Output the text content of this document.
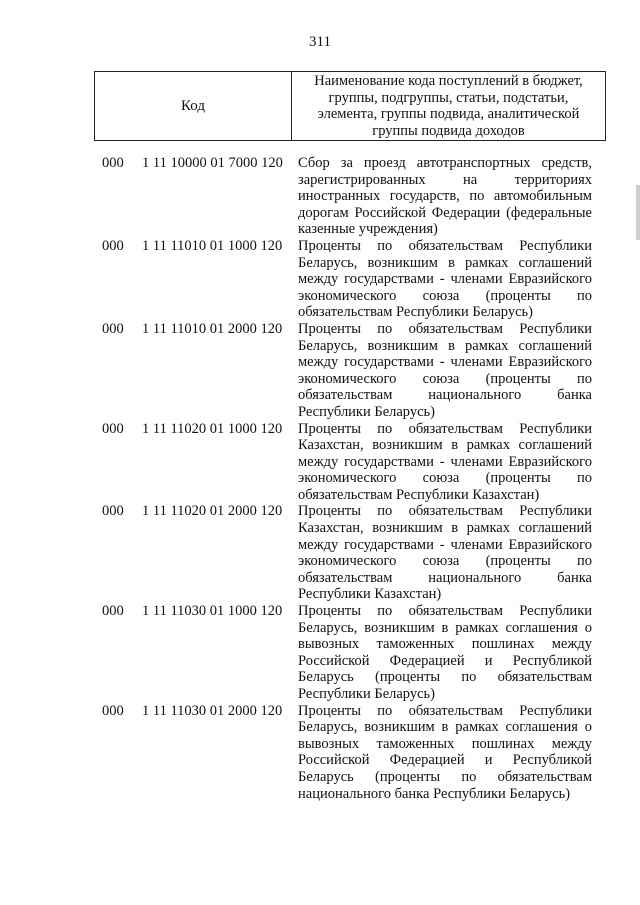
311
Код
Наименование кода поступлений в бюджет, группы, подгруппы, статьи, подстатьи, элемента, группы подвида, аналитической группы подвида доходов
000	1 11 10000 01 7000 120	Сбор за проезд автотранспортных средств, зарегистрированных на территориях иностранных государств, по автомобильным дорогам Российской Федерации (федеральные казенные учреждения)
000	1 11 11010 01 1000 120	Проценты по обязательствам Республики Беларусь, возникшим в рамках соглашений между государствами - членами Евразийского экономического союза (проценты по обязательствам Республики Беларусь)
000	1 11 11010 01 2000 120	Проценты по обязательствам Республики Беларусь, возникшим в рамках соглашений между государствами - членами Евразийского экономического союза (проценты по обязательствам национального банка Республики Беларусь)
000	1 11 11020 01 1000 120	Проценты по обязательствам Республики Казахстан, возникшим в рамках соглашений между государствами - членами Евразийского экономического союза (проценты по обязательствам Республики Казахстан)
000	1 11 11020 01 2000 120	Проценты по обязательствам Республики Казахстан, возникшим в рамках соглашений между государствами - членами Евразийского экономического союза (проценты по обязательствам национального банка Республики Казахстан)
000	1 11 11030 01 1000 120	Проценты по обязательствам Республики Беларусь, возникшим в рамках соглашения о вывозных таможенных пошлинах между Российской Федерацией и Республикой Беларусь (проценты по обязательствам Республики Беларусь)
000	1 11 11030 01 2000 120	Проценты по обязательствам Республики Беларусь, возникшим в рамках соглашения о вывозных таможенных пошлинах между Российской Федерацией и Республикой Беларусь (проценты по обязательствам национального банка Республики Беларусь)
